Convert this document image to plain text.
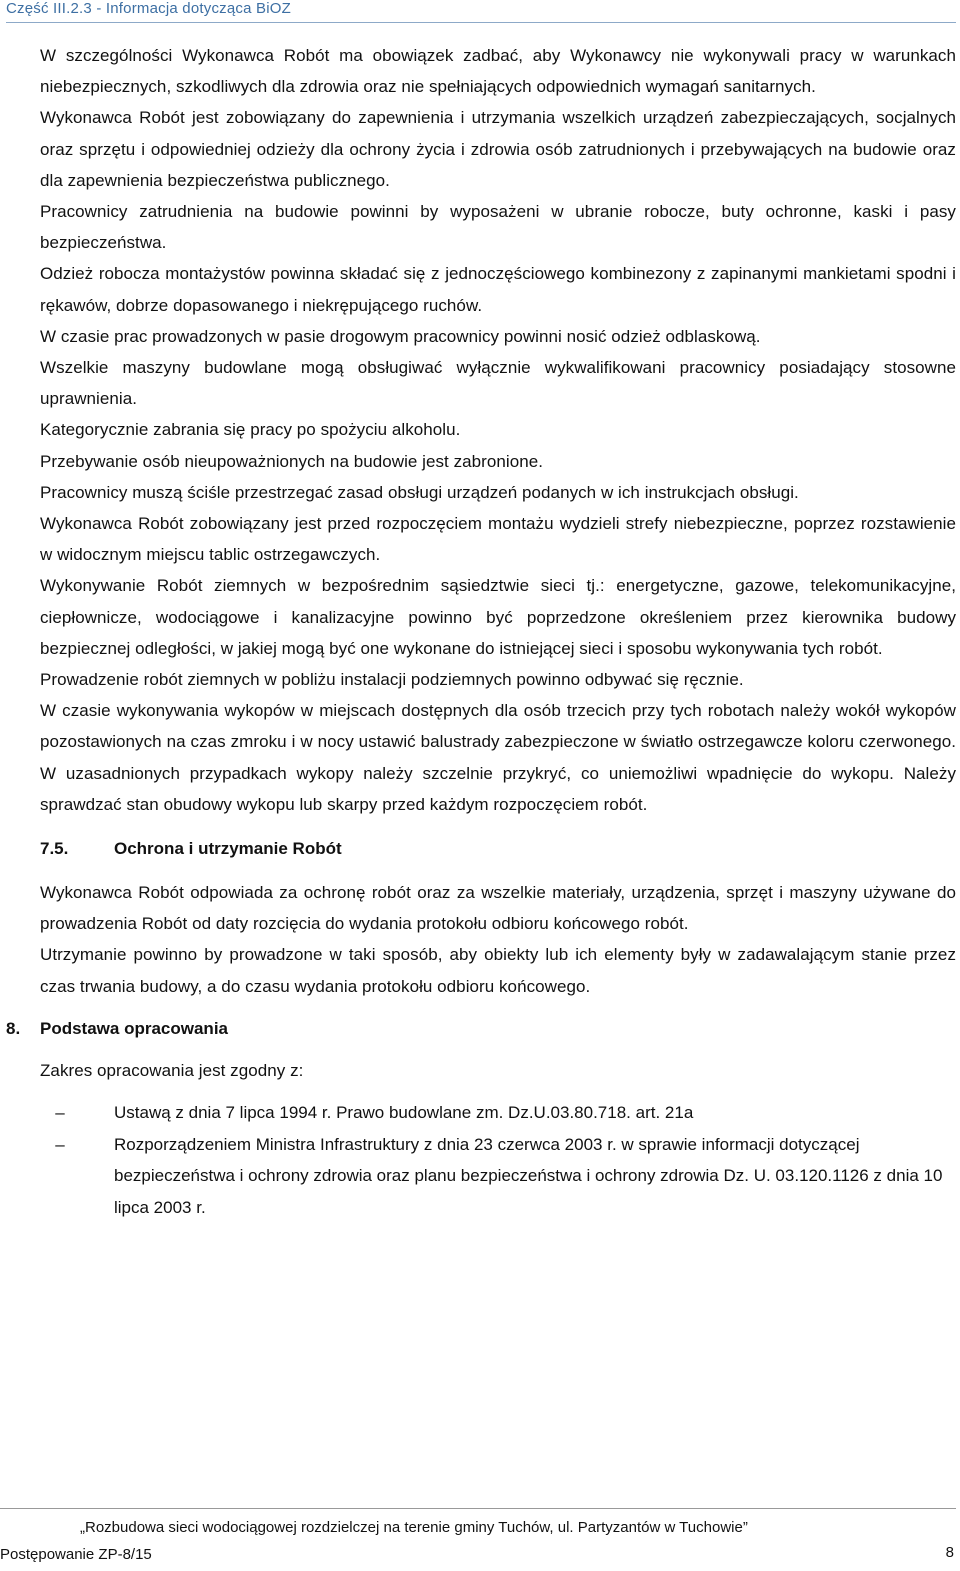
Część III.2.3 - Informacja dotycząca BiOZ

W szczególności Wykonawca Robót ma obowiązek zadbać, aby Wykonawcy nie wykonywali pracy w warunkach niebezpiecznych, szkodliwych dla zdrowia oraz nie spełniających odpowiednich wymagań sanitarnych.

Wykonawca Robót jest zobowiązany do zapewnienia i utrzymania wszelkich urządzeń zabezpieczających, socjalnych oraz sprzętu i odpowiedniej odzieży dla ochrony życia i zdrowia osób zatrudnionych i przebywających na budowie oraz dla zapewnienia bezpieczeństwa publicznego.

Pracownicy zatrudnienia na budowie powinni by wyposażeni w ubranie robocze, buty ochronne, kaski i pasy bezpieczeństwa.

Odzież robocza montażystów powinna składać się z jednoczęściowego kombinezony z zapinanymi mankietami spodni i rękawów, dobrze dopasowanego i niekrępującego ruchów.

W czasie prac prowadzonych w pasie drogowym pracownicy powinni nosić odzież odblaskową.

Wszelkie maszyny budowlane mogą obsługiwać wyłącznie wykwalifikowani pracownicy posiadający stosowne uprawnienia.

Kategorycznie zabrania się pracy po spożyciu alkoholu.

Przebywanie osób nieupoważnionych na budowie jest zabronione.

Pracownicy muszą ściśle przestrzegać zasad obsługi urządzeń podanych w ich instrukcjach obsługi.

Wykonawca Robót zobowiązany jest przed rozpoczęciem montażu wydzieli strefy niebezpieczne, poprzez rozstawienie w widocznym miejscu tablic ostrzegawczych.

Wykonywanie Robót ziemnych w bezpośrednim sąsiedztwie sieci tj.: energetyczne, gazowe, telekomunikacyjne, ciepłownicze, wodociągowe i kanalizacyjne powinno być poprzedzone określeniem przez kierownika budowy bezpiecznej odległości, w jakiej mogą być one wykonane do istniejącej sieci i sposobu wykonywania tych robót.

Prowadzenie robót ziemnych w pobliżu instalacji podziemnych powinno odbywać się ręcznie.

W czasie wykonywania wykopów w miejscach dostępnych dla osób trzecich przy tych robotach należy wokół wykopów pozostawionych na czas zmroku i w nocy ustawić balustrady zabezpieczone w światło ostrzegawcze koloru czerwonego. W uzasadnionych przypadkach wykopy należy szczelnie przykryć, co uniemożliwi wpadnięcie do wykopu. Należy sprawdzać stan obudowy wykopu lub skarpy przed każdym rozpoczęciem robót.

7.5.	Ochrona i utrzymanie Robót

Wykonawca Robót odpowiada za ochronę robót oraz za wszelkie materiały, urządzenia, sprzęt i maszyny używane do prowadzenia Robót od daty rozcięcia do wydania protokołu odbioru końcowego robót.

Utrzymanie powinno by prowadzone w taki sposób, aby obiekty lub ich elementy były w zadawalającym stanie przez czas trwania budowy, a do czasu wydania protokołu odbioru końcowego.

8. Podstawa opracowania

Zakres opracowania jest zgodny z:

–	Ustawą z dnia 7 lipca 1994 r. Prawo budowlane zm. Dz.U.03.80.718. art. 21a
–	Rozporządzeniem Ministra Infrastruktury z dnia 23 czerwca 2003 r. w sprawie informacji dotyczącej bezpieczeństwa i ochrony zdrowia oraz planu bezpieczeństwa i ochrony zdrowia Dz. U. 03.120.1126 z dnia 10 lipca 2003 r.
„Rozbudowa sieci wodociągowej rozdzielczej na terenie gminy Tuchów, ul. Partyzantów w Tuchowie”
Postępowanie ZP-8/15	8
